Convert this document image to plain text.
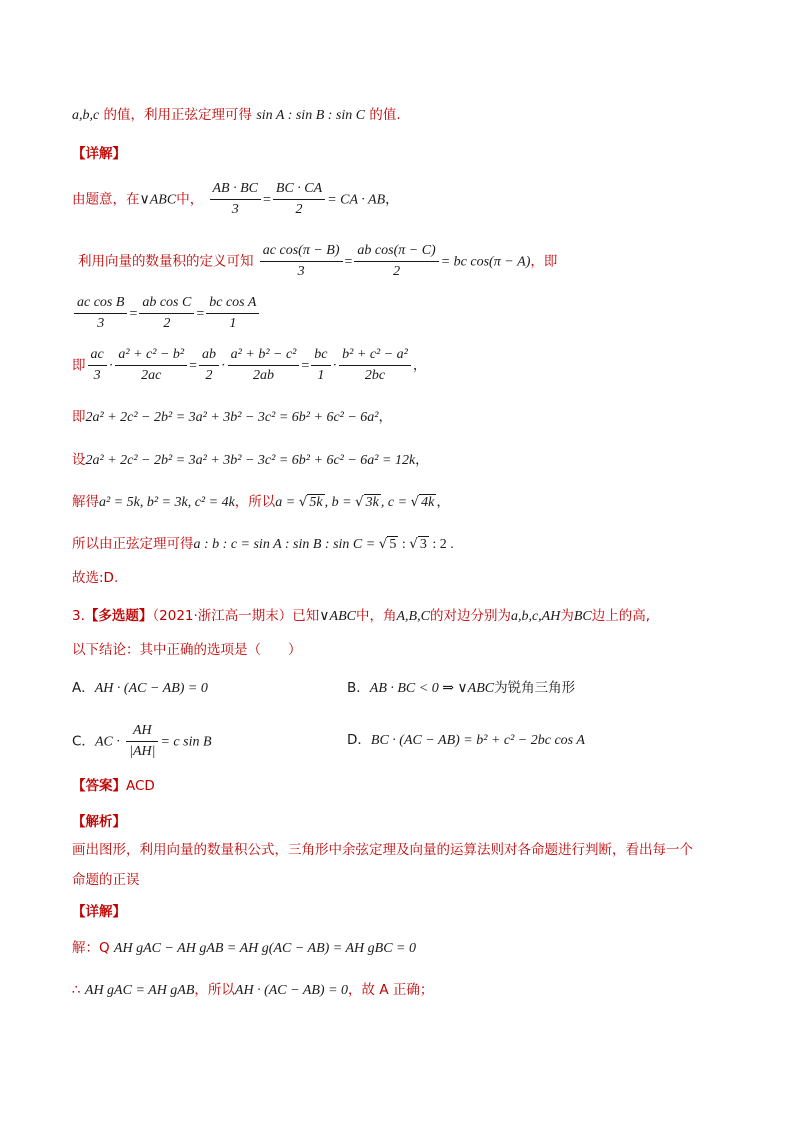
a,b,c 的值，利用正弦定理可得 sin A : sin B : sin C 的值.
【详解】
由题意，在∨ABC中， $\frac{AB \cdot BC}{3} = \frac{BC \cdot CA}{2}$ = CA · AB，
利用向量的数量积的定义可知 $\frac{\text{ac cos(π − B)}}{3} = \frac{\text{ab cos(π − C)}}{2}$ = bc cos(π − A)，即
$\frac{\text{ac cos B}}{3} = \frac{\text{ab cos C}}{2} = \frac{\text{bc cos A}}{1}$
即 $\frac{ac}{3} \cdot \frac{\text{a² + c² − b²}}{2ac} = \frac{ab}{2} \cdot \frac{\text{a² + b² − c²}}{2ab} = \frac{bc}{1} \cdot \frac{\text{b² + c² − a²}}{2bc}$ ，
即2a² + 2c² − 2b² = 3a² + 3b² − 3c² = 6b² + 6c² − 6a²，
设2a² + 2c² − 2b² = 3a² + 3b² − 3c² = 6b² + 6c² − 6a² = 12k，
解得a² = 5k, b² = 3k, c² = 4k，所以a = √ 5k , b = √ 3k , c = √ 4k ，
所以由正弦定理可得a : b : c = sin A : sin B : sin C = √ 5 : √ 3 : 2 .
故选:D.
3.【多选题】（2021·浙江高一期末）已知∨ABC中，角A,B,C的对边分别为a,b,c,AH为BC边上的高,
以下结论：其中正确的选项是（　　）
A．AH · (AC − AB) = 0	B．AB · BC < 0 ⇒ ∨ABC为锐角三角形
C．AC · $\frac{AH}{|AH|} = c$ sin B	D．BC · (AC − AB) = b² + c² − 2bc cos A
【答案】ACD
【解析】
画出图形，利用向量的数量积公式，三角形中余弦定理及向量的运算法则对各命题进行判断，看出每一个
命题的正误
【详解】
解：Q AH gAC − AH gAB = AH g(AC − AB) = AH gBC = 0
∴ AH gAC = AH gAB，所以AH · (AC − AB) = 0，故 A 正确；
